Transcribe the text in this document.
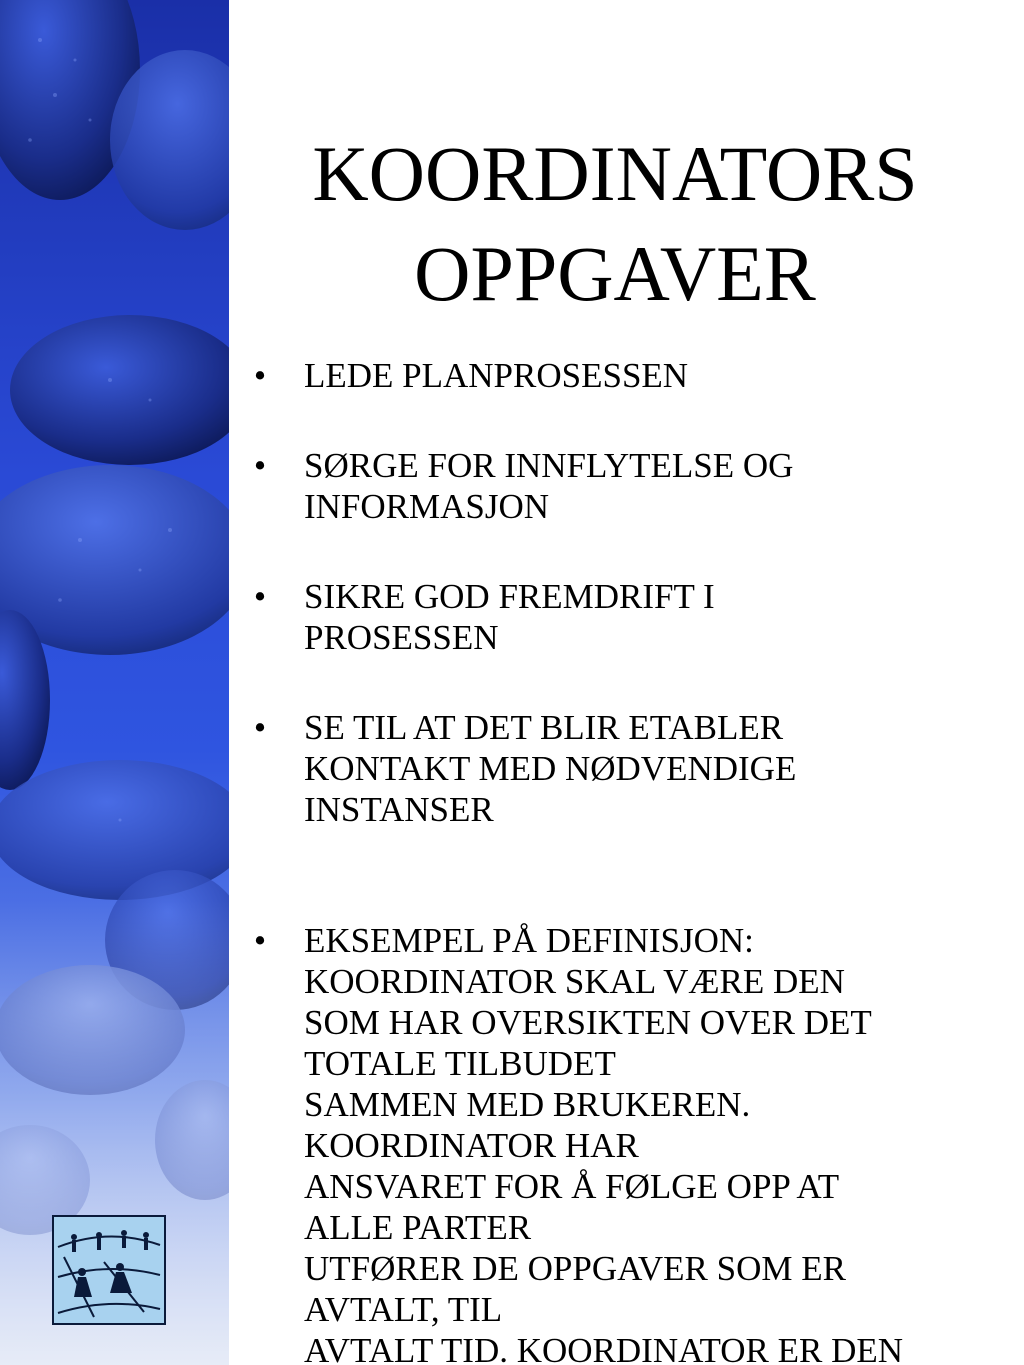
KOORDINATORS
OPPGAVER
• LEDE PLANPROSESSEN
• SØRGE FOR INNFLYTELSE OG
INFORMASJON
• SIKRE GOD FREMDRIFT I
PROSESSEN
• SE TIL AT DET BLIR ETABLER
KONTAKT MED NØDVENDIGE
INSTANSER
• EKSEMPEL PÅ DEFINISJON:
KOORDINATOR SKAL VÆRE DEN
SOM HAR OVERSIKTEN OVER DET
TOTALE TILBUDET
SAMMEN MED BRUKEREN.
KOORDINATOR HAR
ANSVARET FOR Å FØLGE OPP AT
ALLE PARTER
UTFØRER DE OPPGAVER SOM ER
AVTALT, TIL
AVTALT TID. KOORDINATOR ER DEN
